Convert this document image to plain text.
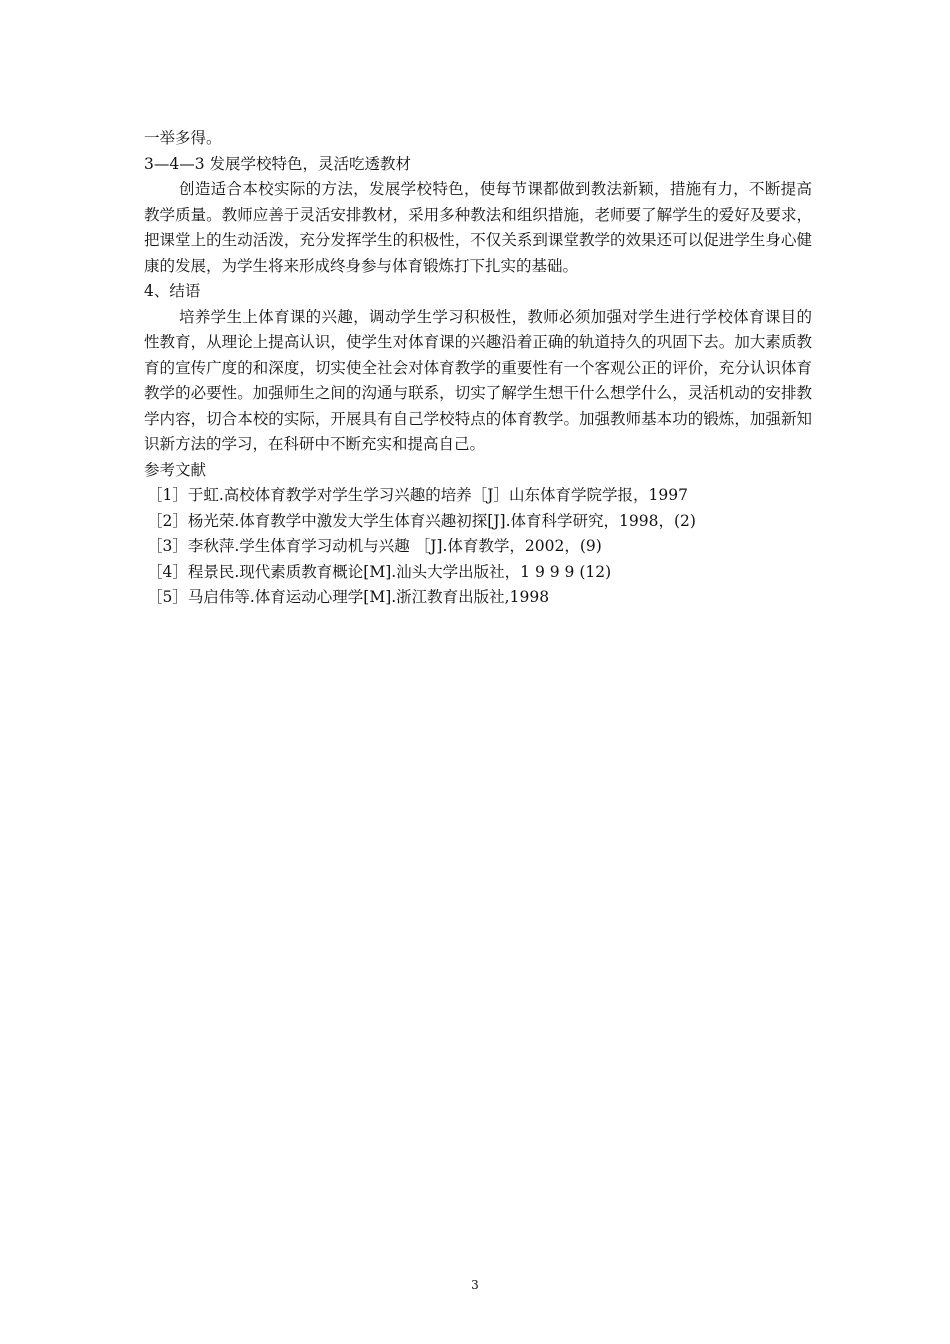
一举多得。
3—4—3 发展学校特色，灵活吃透教材
创造适合本校实际的方法，发展学校特色，使每节课都做到教法新颖，措施有力，不断提高教学质量。教师应善于灵活安排教材，采用多种教法和组织措施，老师要了解学生的爱好及要求，把课堂上的生动活泼，充分发挥学生的积极性，不仅关系到课堂教学的效果还可以促进学生身心健康的发展，为学生将来形成终身参与体育锻炼打下扎实的基础。
4、结语
培养学生上体育课的兴趣，调动学生学习积极性，教师必须加强对学生进行学校体育课目的性教育，从理论上提高认识，使学生对体育课的兴趣沿着正确的轨道持久的巩固下去。加大素质教育的宣传广度的和深度，切实使全社会对体育教学的重要性有一个客观公正的评价，充分认识体育教学的必要性。加强师生之间的沟通与联系，切实了解学生想干什么想学什么，灵活机动的安排教学内容，切合本校的实际，开展具有自己学校特点的体育教学。加强教师基本功的锻炼，加强新知识新方法的学习，在科研中不断充实和提高自己。
参考文献
［1］于虹.高校体育教学对学生学习兴趣的培养［J］山东体育学院学报，1997
［2］杨光荣.体育教学中激发大学生体育兴趣初探[J].体育科学研究，1998，(2)
［3］李秋萍.学生体育学习动机与兴趣 ［J].体育教学，2002，(9)
［4］程景民.现代素质教育概论[M].汕头大学出版社，1 9 9 9 (12)
［5］马启伟等.体育运动心理学[M].浙江教育出版社,1998
3
